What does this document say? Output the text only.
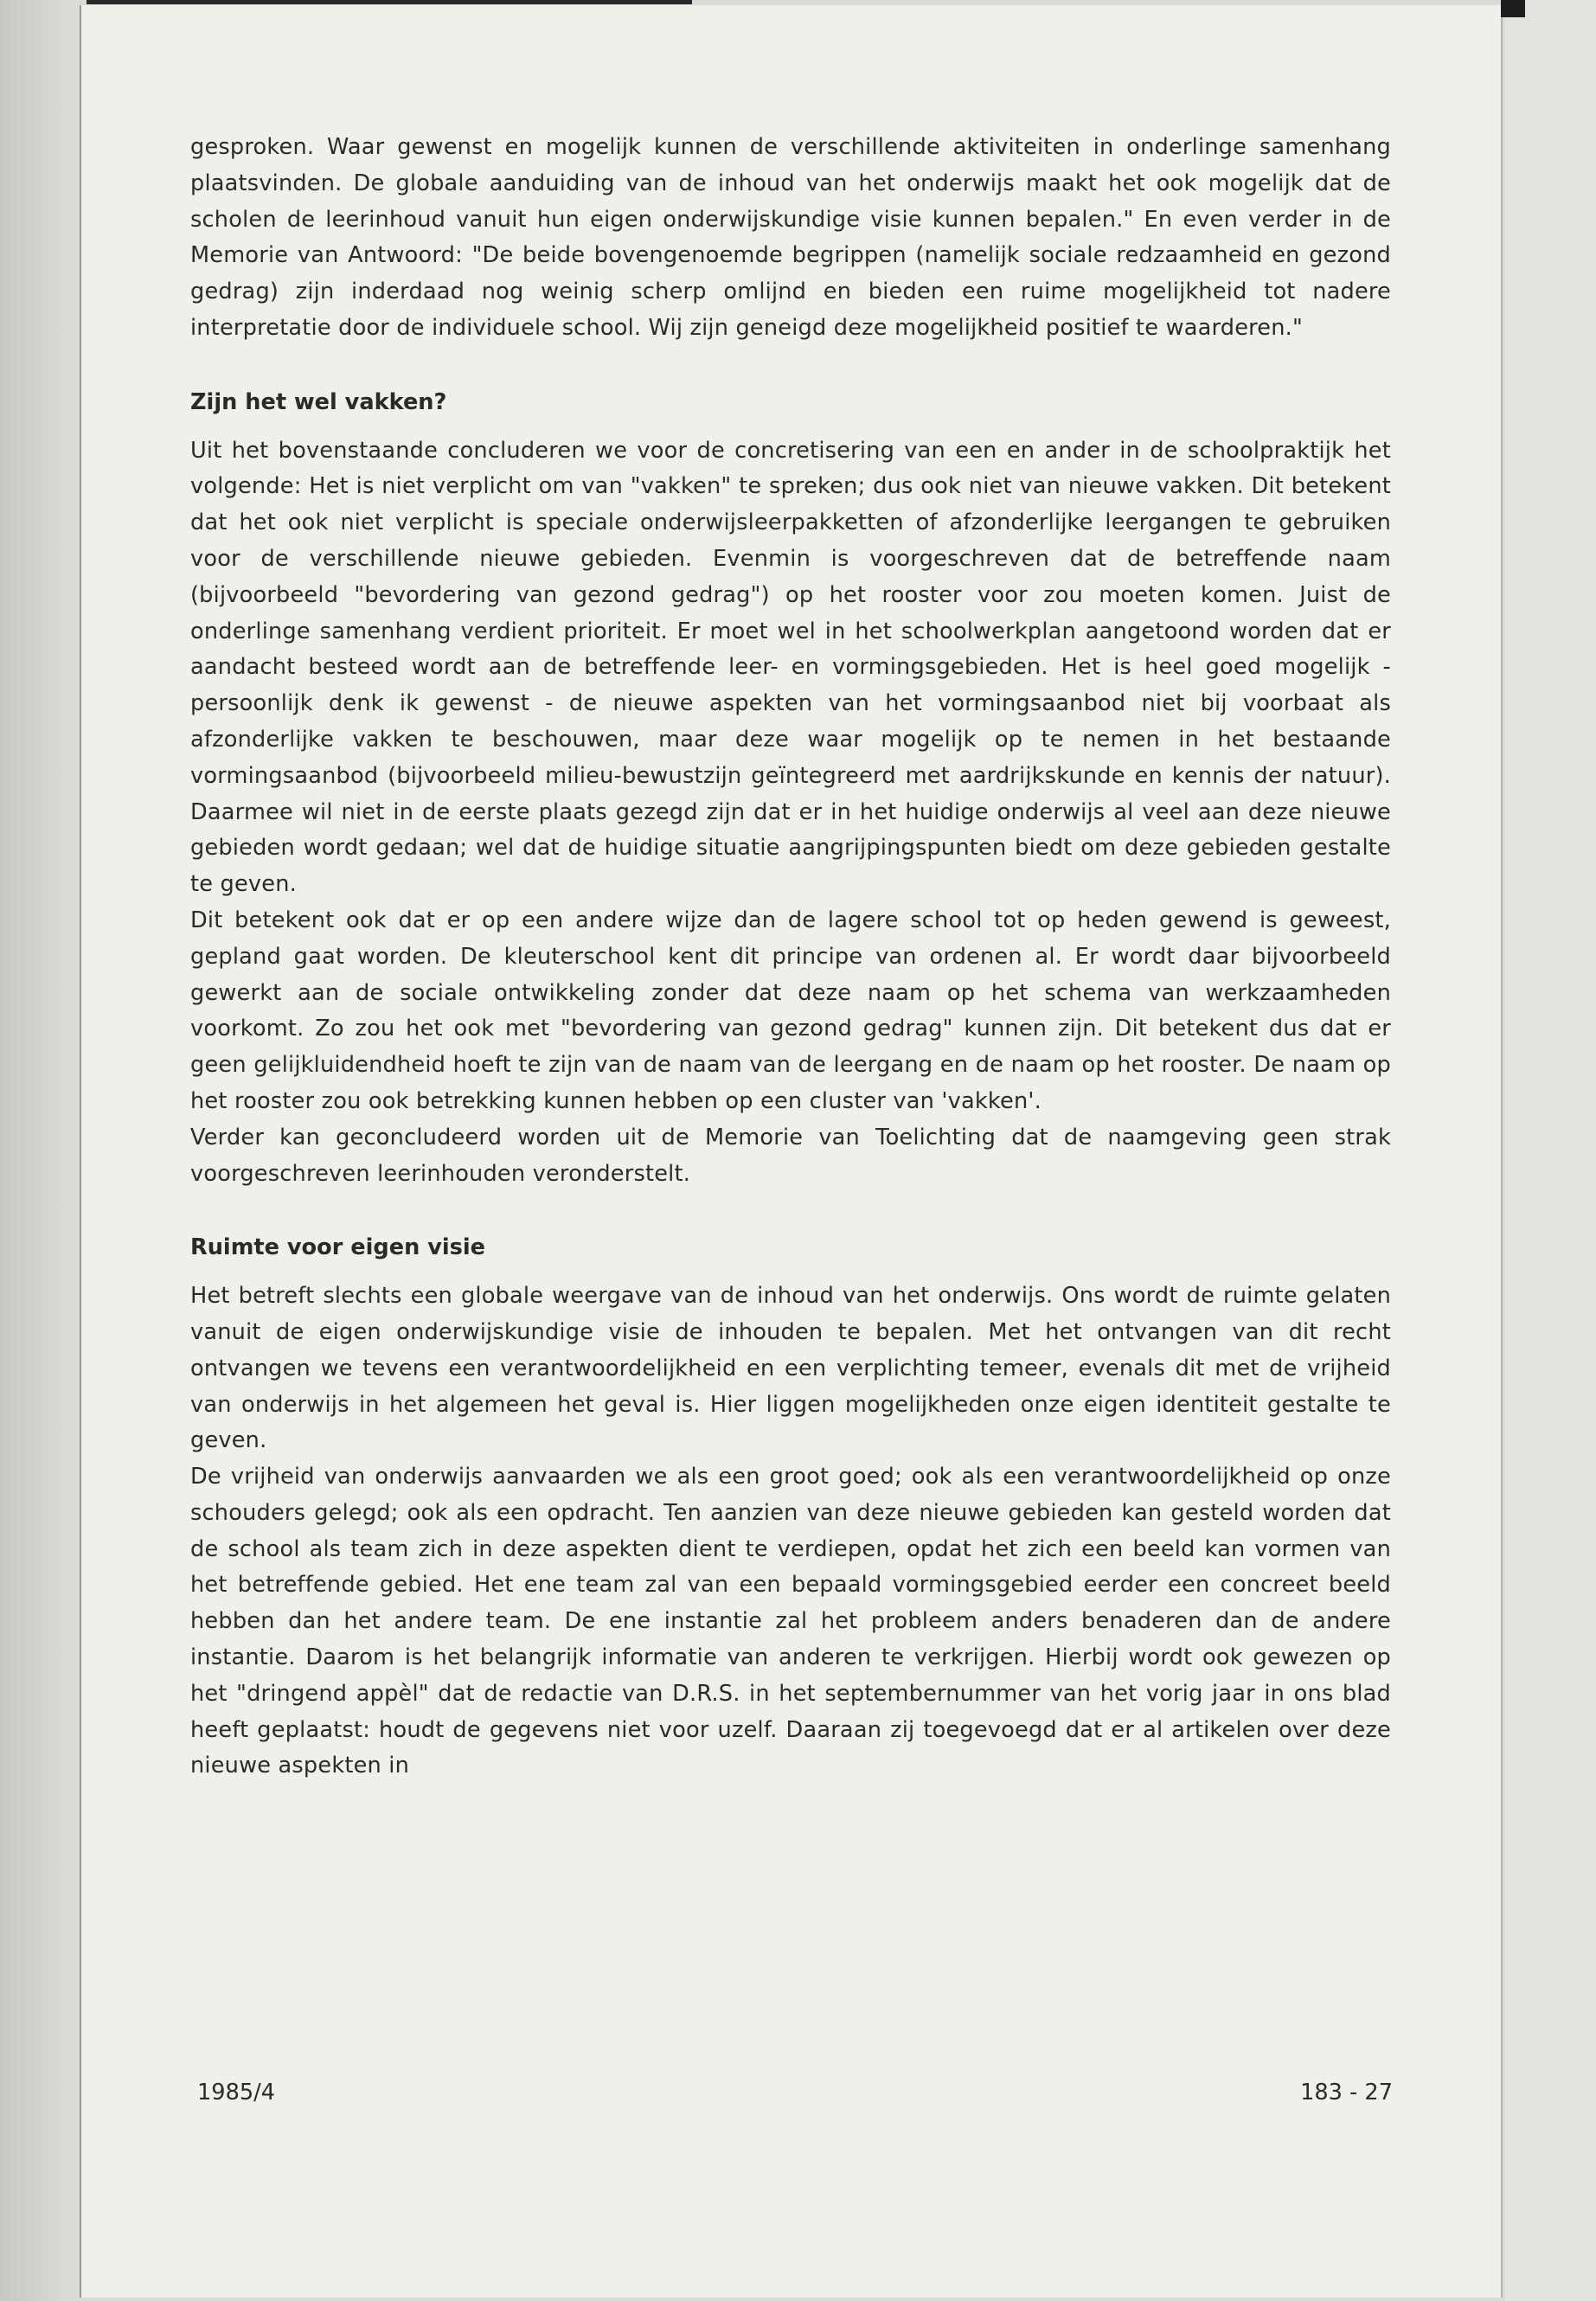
gesproken. Waar gewenst en mogelijk kunnen de verschillende aktiviteiten in onderlinge samenhang plaatsvinden. De globale aanduiding van de inhoud van het onderwijs maakt het ook mogelijk dat de scholen de leerinhoud vanuit hun eigen onderwijskundige visie kunnen bepalen." En even verder in de Memorie van Antwoord: "De beide bovengenoemde begrippen (namelijk sociale redzaamheid en gezond gedrag) zijn inderdaad nog weinig scherp omlijnd en bieden een ruime mogelijkheid tot nadere interpretatie door de individuele school. Wij zijn geneigd deze mogelijkheid positief te waarderen."

Zijn het wel vakken?

Uit het bovenstaande concluderen we voor de concretisering van een en ander in de schoolpraktijk het volgende: Het is niet verplicht om van "vakken" te spreken; dus ook niet van nieuwe vakken. Dit betekent dat het ook niet verplicht is speciale onderwijsleerpakketten of afzonderlijke leergangen te gebruiken voor de verschillende nieuwe gebieden. Evenmin is voorgeschreven dat de betreffende naam (bijvoorbeeld "bevordering van gezond gedrag") op het rooster voor zou moeten komen. Juist de onderlinge samenhang verdient prioriteit. Er moet wel in het schoolwerkplan aangetoond worden dat er aandacht besteed wordt aan de betreffende leer- en vormingsgebieden. Het is heel goed mogelijk - persoonlijk denk ik gewenst - de nieuwe aspekten van het vormingsaanbod niet bij voorbaat als afzonderlijke vakken te beschouwen, maar deze waar mogelijk op te nemen in het bestaande vormingsaanbod (bijvoorbeeld milieu-bewustzijn geïntegreerd met aardrijkskunde en kennis der natuur). Daarmee wil niet in de eerste plaats gezegd zijn dat er in het huidige onderwijs al veel aan deze nieuwe gebieden wordt gedaan; wel dat de huidige situatie aangrijpingspunten biedt om deze gebieden gestalte te geven.

Dit betekent ook dat er op een andere wijze dan de lagere school tot op heden gewend is geweest, gepland gaat worden. De kleuterschool kent dit principe van ordenen al. Er wordt daar bijvoorbeeld gewerkt aan de sociale ontwikkeling zonder dat deze naam op het schema van werkzaamheden voorkomt. Zo zou het ook met "bevordering van gezond gedrag" kunnen zijn. Dit betekent dus dat er geen gelijkluidendheid hoeft te zijn van de naam van de leergang en de naam op het rooster. De naam op het rooster zou ook betrekking kunnen hebben op een cluster van 'vakken'.

Verder kan geconcludeerd worden uit de Memorie van Toelichting dat de naamgeving geen strak voorgeschreven leerinhouden veronderstelt.

Ruimte voor eigen visie

Het betreft slechts een globale weergave van de inhoud van het onderwijs. Ons wordt de ruimte gelaten vanuit de eigen onderwijskundige visie de inhouden te bepalen. Met het ontvangen van dit recht ontvangen we tevens een verantwoordelijkheid en een verplichting temeer, evenals dit met de vrijheid van onderwijs in het algemeen het geval is. Hier liggen mogelijkheden onze eigen identiteit gestalte te geven.

De vrijheid van onderwijs aanvaarden we als een groot goed; ook als een verantwoordelijkheid op onze schouders gelegd; ook als een opdracht. Ten aanzien van deze nieuwe gebieden kan gesteld worden dat de school als team zich in deze aspekten dient te verdiepen, opdat het zich een beeld kan vormen van het betreffende gebied. Het ene team zal van een bepaald vormingsgebied eerder een concreet beeld hebben dan het andere team. De ene instantie zal het probleem anders benaderen dan de andere instantie. Daarom is het belangrijk informatie van anderen te verkrijgen. Hierbij wordt ook gewezen op het "dringend appèl" dat de redactie van D.R.S. in het septembernummer van het vorig jaar in ons blad heeft geplaatst: houdt de gegevens niet voor uzelf. Daaraan zij toegevoegd dat er al artikelen over deze nieuwe aspekten in

1985/4	183 - 27
